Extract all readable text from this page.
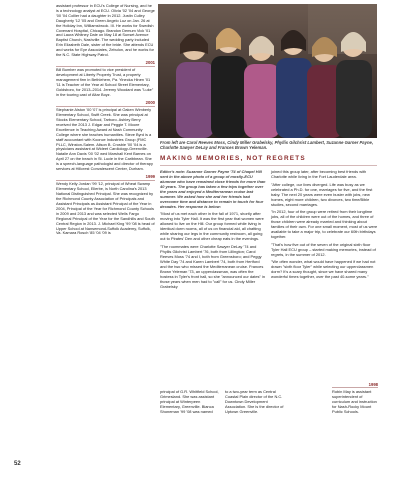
assistant professor in ECU's College of Nursing, and he is a technology analyst at ECU. Olivia '02 '04 and George '00 '04 Collier had a daughter in 2012. Justin Culley Daugherty '12 '05 and Green Angelo Luz on Jan. 26 at the Holiday Inn, Williamsbrook. III. He works for Swedish Covenant Hospital, Chicago. Brandon Demum Vick '01 and Laura Whitney Dale on May 18 at Sunset Avenue Baptist Church, Nashville. The wedding party included Erin Elizabeth Dale, sister of the bride. She attends ECU and works for Eye Associates, Zebulon, and he works for the N.C. State Highway Patrol.

2001

Bill Bumber was promoted to vice president of development at Liberty Property Trust, a property management firm in Bethlehem, Pa. Yinecka Hinen '01 '11 is Teacher of the Year at School Street Elementary, Goldsboro, for 2013–2014. Jeremy Woodard was "Luke" in the touring cast of Altar Boyz.

2000

Stephanie Alston '00 '07 is principal at Oaken Wimberly Elementary School, Swift Creek. She was principal at Stocks Elementary School, Tarboro. Ashley Berry received the 2013 J. Edgar and Peggie T. Moore Excellence in Teaching Award at Nash Community College where she teaches humanities. Steve Byrd is a staff accountant with Koonce Industries Group (FMC PLLC, Winston-Salem. Alison B. Crosbie '00 '04 is a physicians assistant at Wideet Cardiology-Greenville. Natalie Ann Davis '00 '02 wed Marshall Kent Barnes on April 27 on the beach in St. Lucie in the Caribbean. She is a speech-language pathologist and director of therapy services at Hillcrest Convalescent Center, Durham.

1999

Wendy Kelly Jordan '99 '12, principal of Wheat Swamp Elementary School, Ellerbe, is North Carolina's 2013 National Distinguished Principal. She was recognized by the Richmond County Association of Principals and Assistant Principals as Assistant Principal of the Year in 2004, Principal of the Year for Richmond County Schools in 2009 and 2013 and was selected Wells Fargo Regional Principal of the Year for the Sandhills and South Central Region in 2013. J. Michael King '99 '08 is head of Upper School at Nansemond-Suffolk Academy, Suffolk, Va. Kamara Rosch '85 '04 '09 is

From left are Carol Reeves Moss, Cindy Miller Grabelsky, Phyllis Gilchrist Lambert, Suzanne Garner Payne, Charlotte Sawyer DeLay and Frances Brown Yeleman.
MAKING MEMORIES, NOT REGRETS

Editor's note: Suzanne Garner Payne '74 of Chapel Hill sent in the above photo of a group of mostly-ECU alumnae who have remained close friends for more than 40 years. The group has taken a few trips together over the years and enjoyed a Mediterranean cruise last summer. We asked how she and her friends had overcome time and distance to remain in touch for four decades. Her response is below:

"Most of us met each other in the fall of 1971, shortly after moving into Tyler Hall. It was the first year that women were allowed to live on the Hill. Our group formed while living in identical dorm rooms, all of us on financial aid, all chatting while sharing our legs in the community restroom, all going out to Pirates' Den and other cheap eats in the evenings.

"The roommates were Charlotte Sawyer DeLay '74 and Phyllis Gilchrist Lambert '76, both from Lillington; Carol Reeves Moss '74 and I, both from Greensboro; and Peggy White Day '74 and Karen Lambert '74, both from Hertford and the two who missed the Mediterranean cruise. Frances Brown Yeleman '73, an upperclassman, was often the hostess in Tyler's front hall, so she "announced our dates" in those years when men had to "call" for us. Cindy Miller Grabelsky

joined this group later, after becoming best friends with Charlotte while living in the Fort Lauderdale area.

"After college, our lives diverged. Life was busy as we celebrated a Ph.D. for one, marriages for five, and the first baby. The next 20 years were even busier with jobs, new homes, eight more children, two divorces, two time/Bible studies, second marriages.

"In 2012, four of the group were retired from their longtime jobs, all of the children were out of the homes, and three of those children were already married and thinking about families of their own. For one small moment, most of us were available to take a major trip, to celebrate our 60th birthdays together.

"That's how five out of the seven of the original sixth floor Tyler Hall ECU group – started making memories, instead of regrets, in the summer of 2012.

"We often wonder, what would have happened if we had not drawn "sixth floor Tyler" while selecting our upperclassmen dorm? It's a scary thought, since we have shared many wonderful times together, over the past 40-some years."

principal of G.R. Whitfield School, Grimesland. She was assistant principal at Winterpeen Elementary, Greenville. Bianca Shoneman '99 '08 was named
to a two-year term as Central Coastal Plain director of the N.C. Downtown Development Association. She is the director of Uptown Greenville.
1998
Robin May is assistant superintendent of curriculum and instruction for Nash-Rocky Mount Public Schools.
52
